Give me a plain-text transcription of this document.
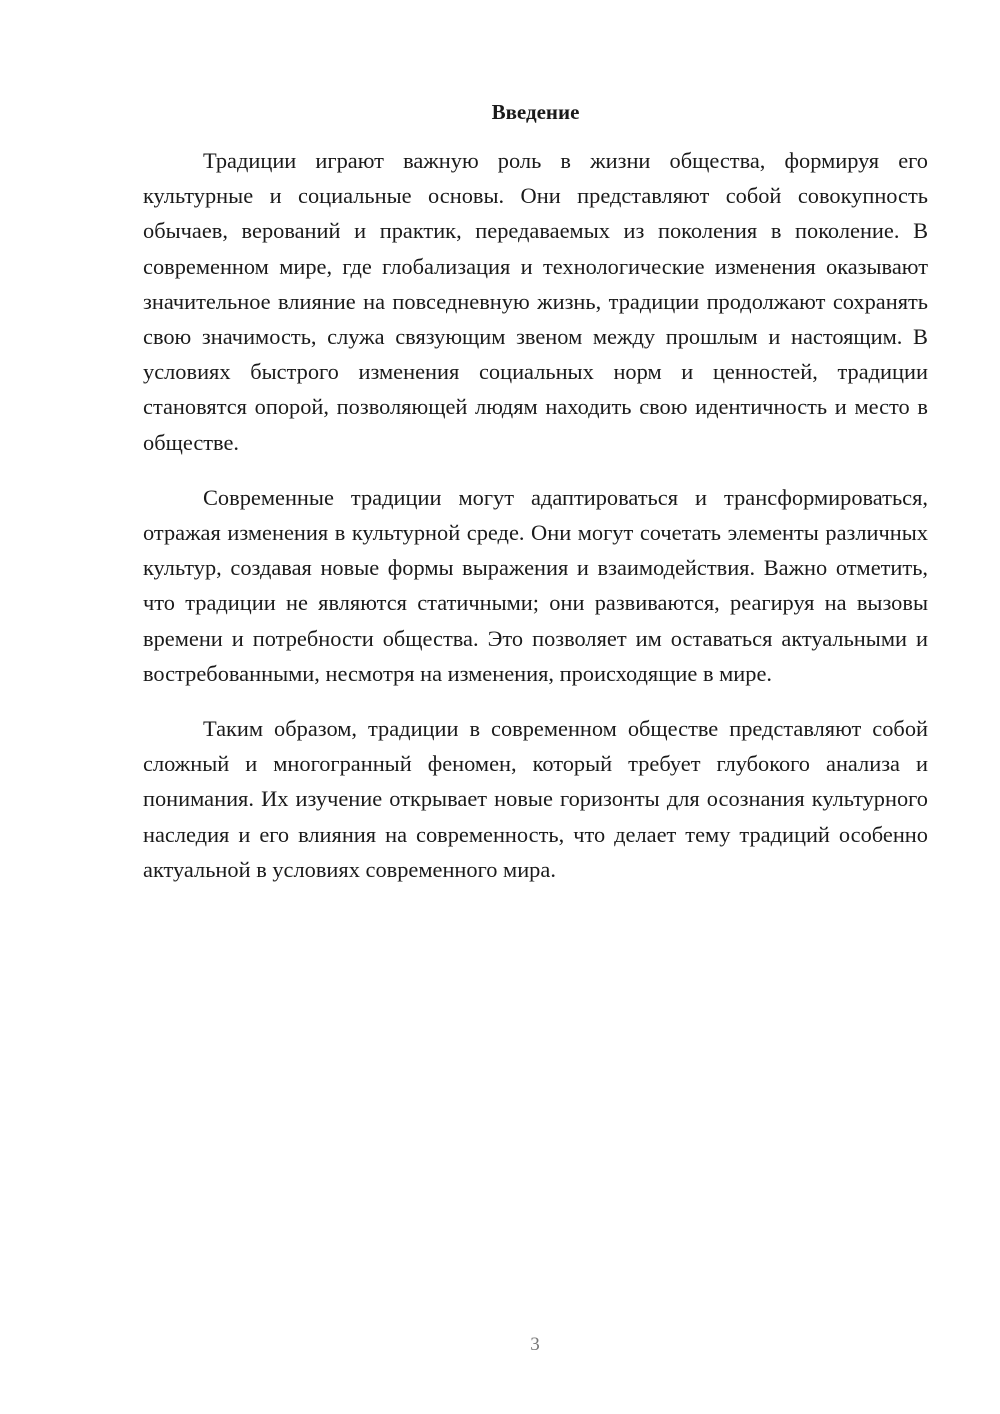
Введение

Традиции играют важную роль в жизни общества, формируя его культурные и социальные основы. Они представляют собой совокупность обычаев, верований и практик, передаваемых из поколения в поколение. В современном мире, где глобализация и технологические изменения оказывают значительное влияние на повседневную жизнь, традиции продолжают сохранять свою значимость, служа связующим звеном между прошлым и настоящим. В условиях быстрого изменения социальных норм и ценностей, традиции становятся опорой, позволяющей людям находить свою идентичность и место в обществе.

Современные традиции могут адаптироваться и трансформироваться, отражая изменения в культурной среде. Они могут сочетать элементы различных культур, создавая новые формы выражения и взаимодействия. Важно отметить, что традиции не являются статичными; они развиваются, реагируя на вызовы времени и потребности общества. Это позволяет им оставаться актуальными и востребованными, несмотря на изменения, происходящие в мире.

Таким образом, традиции в современном обществе представляют собой сложный и многогранный феномен, который требует глубокого анализа и понимания. Их изучение открывает новые горизонты для осознания культурного наследия и его влияния на современность, что делает тему традиций особенно актуальной в условиях современного мира.

3
